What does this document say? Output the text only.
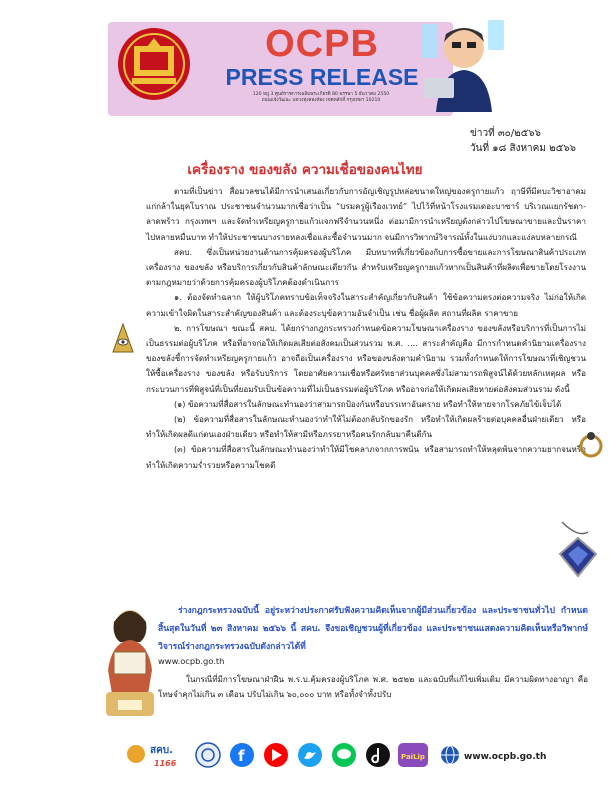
OCPB
PRESS RELEASE
120 หมู่ 3 ศูนย์ราชการเฉลิมพระเกียรติ 80 พรรษา 5 ธันวาคม 2550
ถนนแจ้งวัฒนะ แขวงทุ่งสองห้อง เขตหลักสี่ กรุงเทพฯ 10210
ข่าวที่ ๓๐/๒๕๖๖
วันที่ ๑๘ สิงหาคม ๒๕๖๖
เครื่องราง ของขลัง ความเชื่อของคนไทย

ตามที่เป็นข่าว สื่อมวลชนได้มีการนำเสนอเกี่ยวกับการอัญเชิญรูปหล่อขนาดใหญ่ของครูกายแก้ว ฤาษีที่มีตบะวิชาอาคมแก่กล้าในยุคโบราณ ประชาชนจำนวนมากเชื่อว่าเป็น “บรมครูผู้เรืองเวทย์” ไปไว้ที่หน้าโรงแรมเดอะบาซาร์ บริเวณแยกรัชดา-ลาดพร้าว กรุงเทพฯ และจัดทำเหรียญครูกายแก้วแจกฟรีจำนวนหนึ่ง ต่อมามีการนำเหรียญดังกล่าวไปโฆษณาขายและปั่นราคาไปหลายหมื่นบาท ทำให้ประชาชนบางรายหลงเชื่อและซื้อจำนวนมาก จนมีการวิพากษ์วิจารณ์ทั้งในแง่บวกและแง่ลบหลายกรณี

สคบ. ซึ่งเป็นหน่วยงานด้านการคุ้มครองผู้บริโภค มีบทบาทที่เกี่ยวข้องกับการซื้อขายและการโฆษณาสินค้าประเภทเครื่องราง ของขลัง หรือบริการเกี่ยวกับสินค้าลักษณะเดียวกัน สำหรับเหรียญครูกายแก้วหากเป็นสินค้าที่ผลิตเพื่อขายโดยโรงงานตามกฎหมายว่าด้วยการคุ้มครองผู้บริโภคต้องดำเนินการ

๑. ต้องจัดทำฉลาก ให้ผู้บริโภคทราบข้อเท็จจริงในสาระสำคัญเกี่ยวกับสินค้า ใช้ข้อความตรงต่อความจริง ไม่ก่อให้เกิดความเข้าใจผิดในสาระสำคัญของสินค้า และต้องระบุข้อความอันจำเป็น เช่น ชื่อผู้ผลิต สถานที่ผลิต ราคาขาย

๒. การโฆษณา ขณะนี้ สคบ. ได้ยกร่างกฎกระทรวงกำหนดข้อความโฆษณาเครื่องราง ของขลังหรือบริการที่เป็นการไม่เป็นธรรมต่อผู้บริโภค หรือที่อาจก่อให้เกิดผลเสียต่อสังคมเป็นส่วนรวม พ.ศ. .... สาระสำคัญคือ มีการกำหนดคำนิยามเครื่องรางของขลังชี้การจัดทำเหรียญครูกายแก้ว อาจถือเป็นเครื่องราง หรือของขลังตามคำนิยาม รวมทั้งกำหนดให้การโฆษณาที่เชิญชวนให้ซื้อเครื่องราง ของขลัง หรือรับบริการ โดยอาศัยความเชื่อหรือศรัทธาส่วนบุคคลซึ่งไม่สามารถพิสูจน์ได้ด้วยหลักเหตุผล หรือกระบวนการที่พิสูจน์ที่เป็นที่ยอมรับเป็นข้อความที่ไม่เป็นธรรมต่อผู้บริโภค หรืออาจก่อให้เกิดผลเสียหายต่อสังคมส่วนรวม ดังนี้

(๑) ข้อความที่สื่อสารในลักษณะทำนองว่าสามารถป้องกันหรือบรรเทาอันตราย หรือทำให้หายจากโรคภัยไข้เจ็บได้

(๒) ข้อความที่สื่อสารในลักษณะทำนองว่าทำให้ไม่ต้องกลับรักของรัก หรือทำให้เกิดผลร้ายต่อบุคคลอื่นฝ่ายเดียว หรือทำให้เกิดผลดีแก่ตนเองฝ่ายเดียว หรือทำให้สามีหรือภรรยาหรือคนรักกลับมาคืนดีกัน

(๓) ข้อความที่สื่อสารในลักษณะทำนองว่าทำให้มีโชคลาภจากการพนัน หรือสามารถทำให้หลุดพ้นจากความยากจนหรือทำให้เกิดความร่ำรวยหรือความโชคดี

ร่างกฎกระทรวงฉบับนี้ อยู่ระหว่างประกาศรับฟังความคิดเห็นจากผู้มีส่วนเกี่ยวข้อง และประชาชนทั่วไป กำหนดสิ้นสุดในวันที่ ๒๓ สิงหาคม ๒๕๖๖ นี้ สคบ. จึงขอเชิญชวนผู้ที่เกี่ยวข้อง และประชาชนแสดงความคิดเห็นหรือวิพากษ์วิจารณ์ร่างกฎกระทรวงฉบับดังกล่าวได้ที่
www.ocpb.go.th
ในกรณีที่มีการโฆษณาฝ่าฝืน พ.ร.บ.คุ้มครองผู้บริโภค พ.ศ. ๒๕๒๒ และฉบับที่แก้ไขเพิ่มเติม มีความผิดทางอาญา คือ โทษจำคุกไม่เกิน ๓ เดือน ปรับไม่เกิน ๖๐,๐๐๐ บาท หรือทั้งจำทั้งปรับ
สคบ.
1166	f	PaiLip	www.ocpb.go.th
